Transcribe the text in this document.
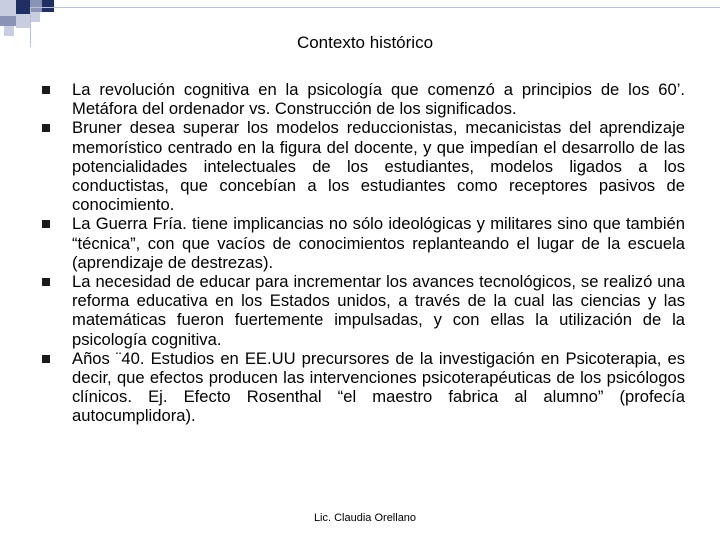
Contexto histórico
La revolución cognitiva en la psicología que comenzó a principios de los 60’. Metáfora del ordenador vs. Construcción de los significados.
Bruner desea superar los modelos reduccionistas, mecanicistas del aprendizaje memorístico centrado en la figura del docente, y que impedían el desarrollo de las potencialidades intelectuales de los estudiantes, modelos ligados a los conductistas, que concebían a los estudiantes como receptores pasivos de conocimiento.
La Guerra Fría. tiene implicancias no sólo ideológicas y militares sino que también “técnica”, con que vacíos de conocimientos replanteando el lugar de la escuela (aprendizaje de destrezas).
La necesidad de educar para incrementar los avances tecnológicos, se realizó una reforma educativa en los Estados unidos, a través de la cual las ciencias y las matemáticas fueron fuertemente impulsadas, y con ellas la utilización de la psicología cognitiva.
Años ¨40. Estudios en EE.UU precursores de la investigación en Psicoterapia, es decir, que efectos producen las intervenciones psicoterapéuticas de los psicólogos clínicos. Ej. Efecto Rosenthal “el maestro fabrica al alumno” (profecía autocumplidora).
Lic. Claudia Orellano
